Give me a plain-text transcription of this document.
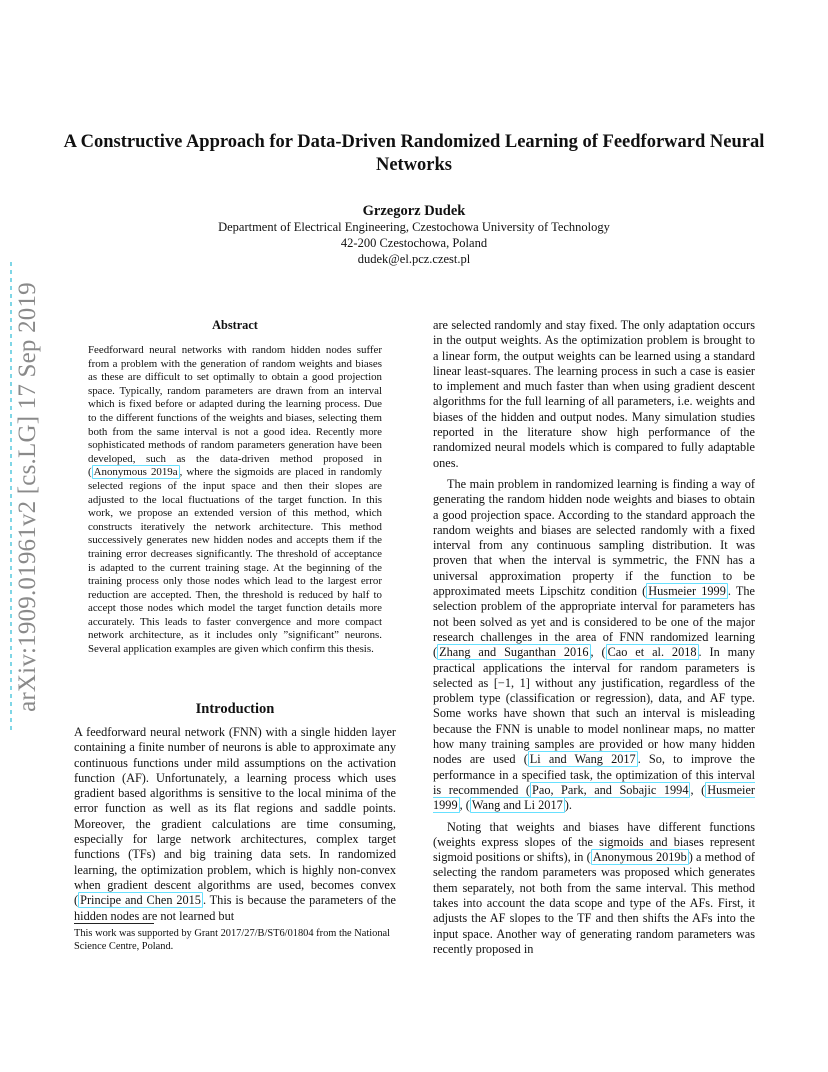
arXiv:1909.01961v2 [cs.LG] 17 Sep 2019
A Constructive Approach for Data-Driven Randomized Learning of Feedforward Neural Networks
Grzegorz Dudek
Department of Electrical Engineering, Czestochowa University of Technology
42-200 Czestochowa, Poland
dudek@el.pcz.czest.pl
Abstract
Feedforward neural networks with random hidden nodes suffer from a problem with the generation of random weights and biases as these are difficult to set optimally to obtain a good projection space. Typically, random parameters are drawn from an interval which is fixed before or adapted during the learning process. Due to the different functions of the weights and biases, selecting them both from the same interval is not a good idea. Recently more sophisticated methods of random parameters generation have been developed, such as the data-driven method proposed in ( Anonymous 2019a , where the sigmoids are placed in randomly selected regions of the input space and then their slopes are adjusted to the local fluctuations of the target function. In this work, we propose an extended version of this method, which constructs iteratively the network architecture. This method successively generates new hidden nodes and accepts them if the training error decreases significantly. The threshold of acceptance is adapted to the current training stage. At the beginning of the training process only those nodes which lead to the largest error reduction are accepted. Then, the threshold is reduced by half to accept those nodes which model the target function details more accurately. This leads to faster convergence and more compact network architecture, as it includes only ”significant” neurons. Several application examples are given which confirm this thesis.
Introduction
A feedforward neural network (FNN) with a single hidden layer containing a finite number of neurons is able to approximate any continuous functions under mild assumptions on the activation function (AF). Unfortunately, a learning process which uses gradient based algorithms is sensitive to the local minima of the error function as well as its flat regions and saddle points. Moreover, the gradient calculations are time consuming, especially for large network architectures, complex target functions (TFs) and big training data sets. In randomized learning, the optimization problem, which is highly non-convex when gradient descent algorithms are used, becomes convex ( Principe and Chen 2015 . This is because the parameters of the hidden nodes are not learned but
This work was supported by Grant 2017/27/B/ST6/01804 from the National Science Centre, Poland.

are selected randomly and stay fixed. The only adaptation occurs in the output weights. As the optimization problem is brought to a linear form, the output weights can be learned using a standard linear least-squares. The learning process in such a case is easier to implement and much faster than when using gradient descent algorithms for the full learning of all parameters, i.e. weights and biases of the hidden and output nodes. Many simulation studies reported in the literature show high performance of the randomized neural models which is compared to fully adaptable ones.

The main problem in randomized learning is finding a way of generating the random hidden node weights and biases to obtain a good projection space. According to the standard approach the random weights and biases are selected randomly with a fixed interval from any continuous sampling distribution. It was proven that when the interval is symmetric, the FNN has a universal approximation property if the function to be approximated meets Lipschitz condition ( Husmeier 1999 . The selection problem of the appropriate interval for parameters has not been solved as yet and is considered to be one of the major research challenges in the area of FNN randomized learning ( Zhang and Suganthan 2016 , ( Cao et al. 2018 . In many practical applications the interval for random parameters is selected as [−1, 1] without any justification, regardless of the problem type (classification or regression), data, and AF type. Some works have shown that such an interval is misleading because the FNN is unable to model nonlinear maps, no matter how many training samples are provided or how many hidden nodes are used ( Li and Wang 2017 . So, to improve the performance in a specified task, the optimization of this interval is recommended ( Pao, Park, and Sobajic 1994 , ( Husmeier 1999 , ( Wang and Li 2017 ).

Noting that weights and biases have different functions (weights express slopes of the sigmoids and biases represent sigmoid positions or shifts), in ( Anonymous 2019b ) a method of selecting the random parameters was proposed which generates them separately, not both from the same interval. This method takes into account the data scope and type of the AFs. First, it adjusts the AF slopes to the TF and then shifts the AFs into the input space. Another way of generating random parameters was recently proposed in
